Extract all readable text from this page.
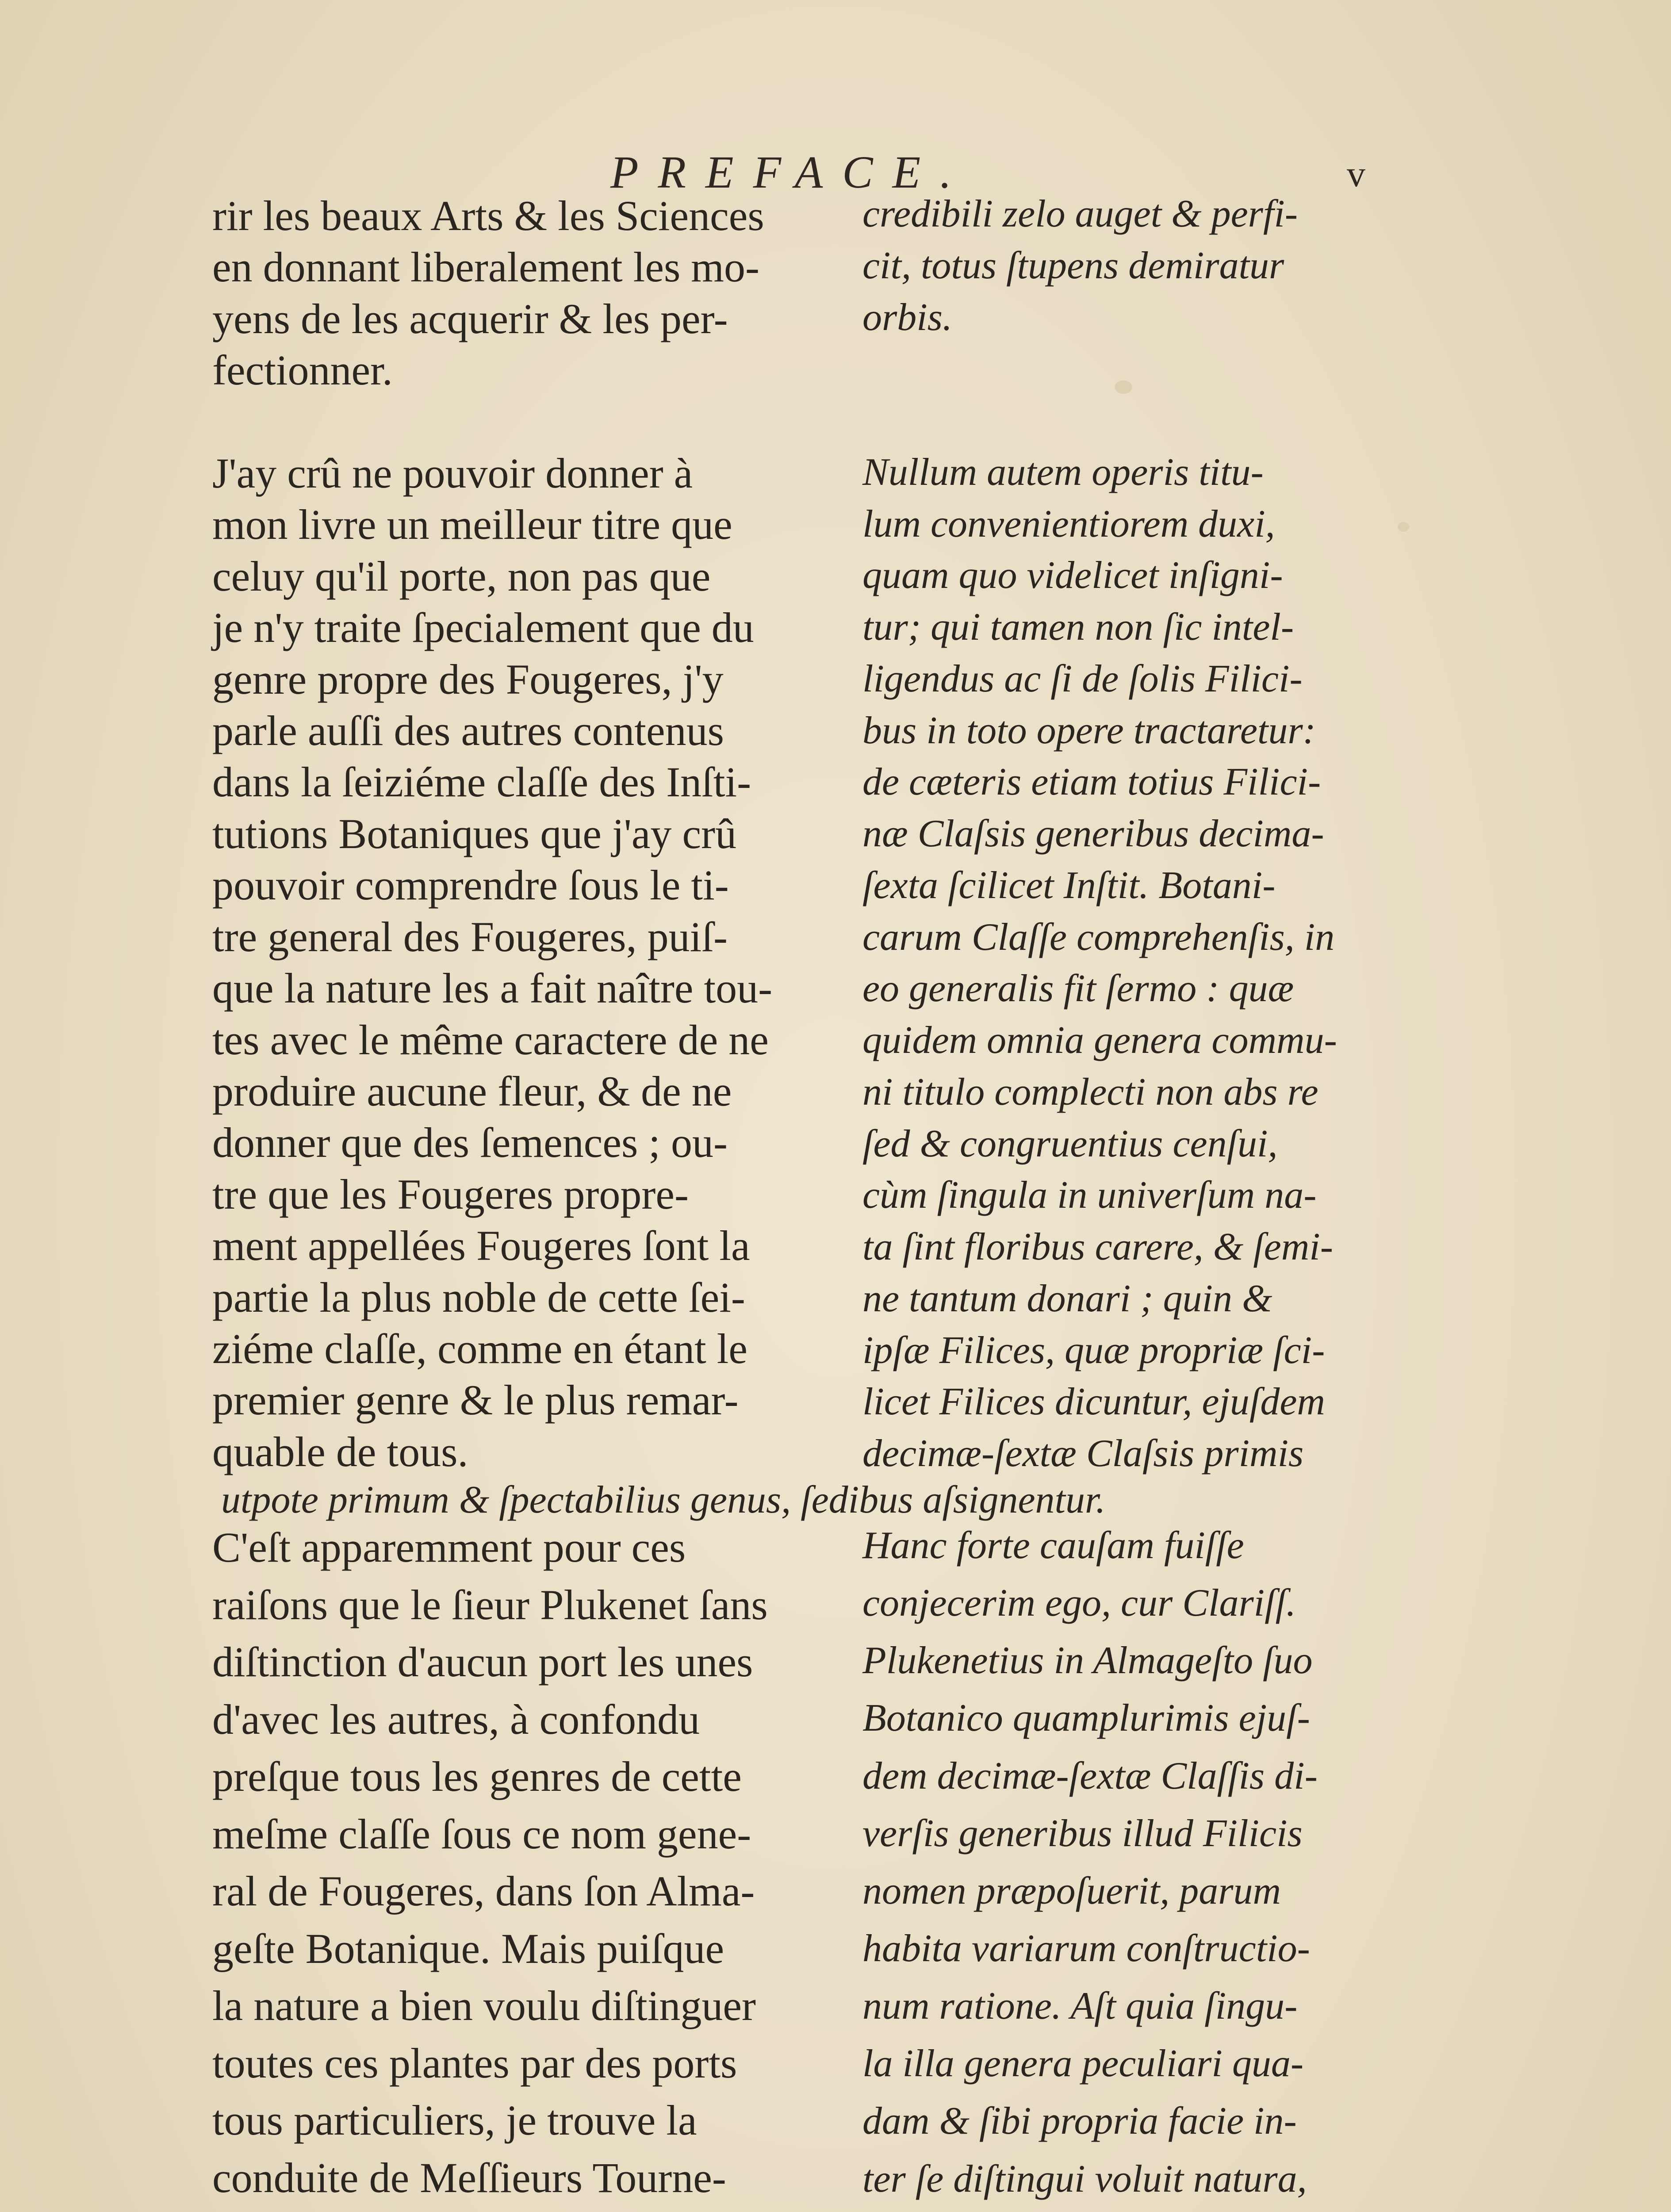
PREFACE.	v
rir les beaux Arts & les Sciences
en donnant liberalement les mo-
yens de les acquerir & les per-
fectionner.

J'ay crû ne pouvoir donner à
mon livre un meilleur titre que
celuy qu'il porte, non pas que
je n'y traite ſpecialement que du
genre propre des Fougeres, j'y
parle auſſi des autres contenus
dans la ſeiziéme claſſe des Inſti-
tutions Botaniques que j'ay crû
pouvoir comprendre ſous le ti-
tre general des Fougeres, puiſ-
que la nature les a fait naître tou-
tes avec le même caractere de ne
produire aucune fleur, & de ne
donner que des ſemences ; ou-
tre que les Fougeres propre-
ment appellées Fougeres ſont la
partie la plus noble de cette ſei-
ziéme claſſe, comme en étant le
premier genre & le plus remar-
quable de tous.
credibili zelo auget & perfi-
cit, totus ſtupens demiratur
orbis.

Nullum autem operis titu-
lum convenientiorem duxi,
quam quo videlicet inſigni-
tur; qui tamen non ſic intel-
ligendus ac ſi de ſolis Filici-
bus in toto opere tractaretur:
de cæteris etiam totius Filici-
næ Claſsis generibus decima-
ſexta ſcilicet Inſtit. Botani-
carum Claſſe comprehenſis, in
eo generalis fit ſermo : quæ
quidem omnia genera commu-
ni titulo complecti non abs re
ſed & congruentius cenſui,
cùm ſingula in univerſum na-
ta ſint floribus carere, & ſemi-
ne tantum donari ; quin &
ipſæ Filices, quæ propriæ ſci-
licet Filices dicuntur, ejuſdem
decimæ-ſextæ Claſsis primis
utpote primum & ſpectabilius genus, ſedibus aſsignentur.
C'eſt apparemment pour ces
raiſons que le ſieur Plukenet ſans
diſtinction d'aucun port les unes
d'avec les autres, à confondu
preſque tous les genres de cette
meſme claſſe ſous ce nom gene-
ral de Fougeres, dans ſon Alma-
geſte Botanique. Mais puiſque
la nature a bien voulu diſtinguer
toutes ces plantes par des ports
tous particuliers, je trouve la
conduite de Meſſieurs Tourne-
Hanc forte cauſam fuiſſe
conjecerim ego, cur Clariſſ.
Plukenetius in Almageſto ſuo
Botanico quamplurimis ejuſ-
dem decimæ-ſextæ Claſſis di-
verſis generibus illud Filicis
nomen præpoſuerit, parum
habita variarum conſtructio-
num ratione. Aſt quia ſingu-
la illa genera peculiari qua-
dam & ſibi propria facie in-
ter ſe diſtingui voluit natura,
